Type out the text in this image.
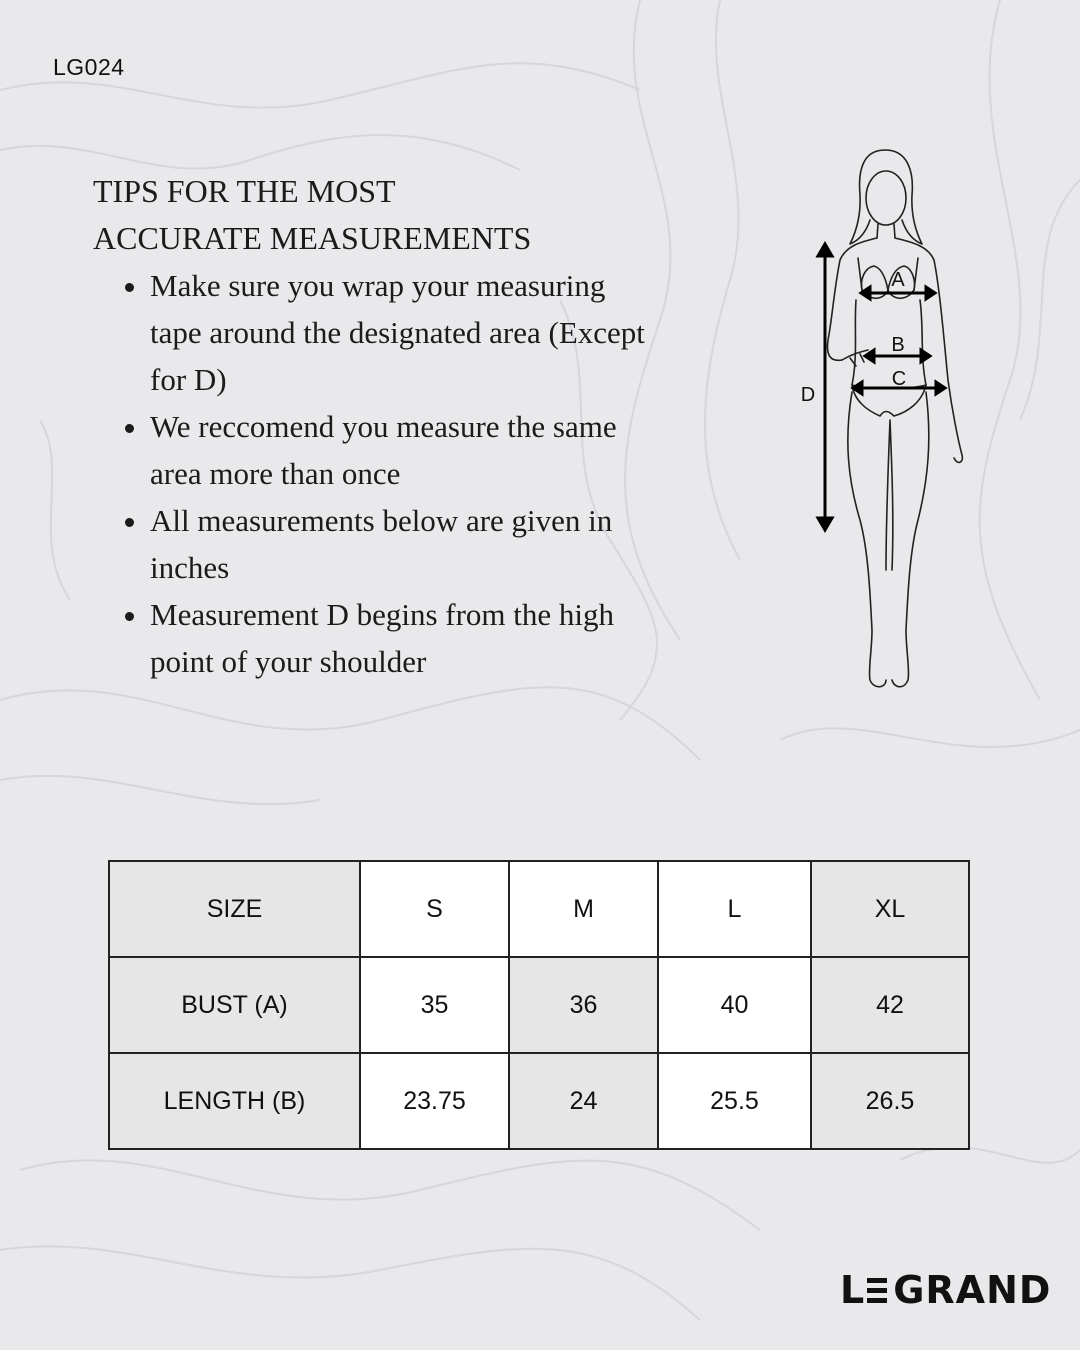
LG024
TIPS FOR THE MOST
ACCURATE MEASUREMENTS
• Make sure you wrap your measuring tape around the designated area (Except for D)
• We reccomend you measure the same area more than once
• All measurements below are given in inches
• Measurement D begins from the high point of your shoulder
A
B
C
D
SIZE	S	M	L	XL
BUST (A)	35	36	40	42
LENGTH (B)	23.75	24	25.5	26.5
L GRAND
